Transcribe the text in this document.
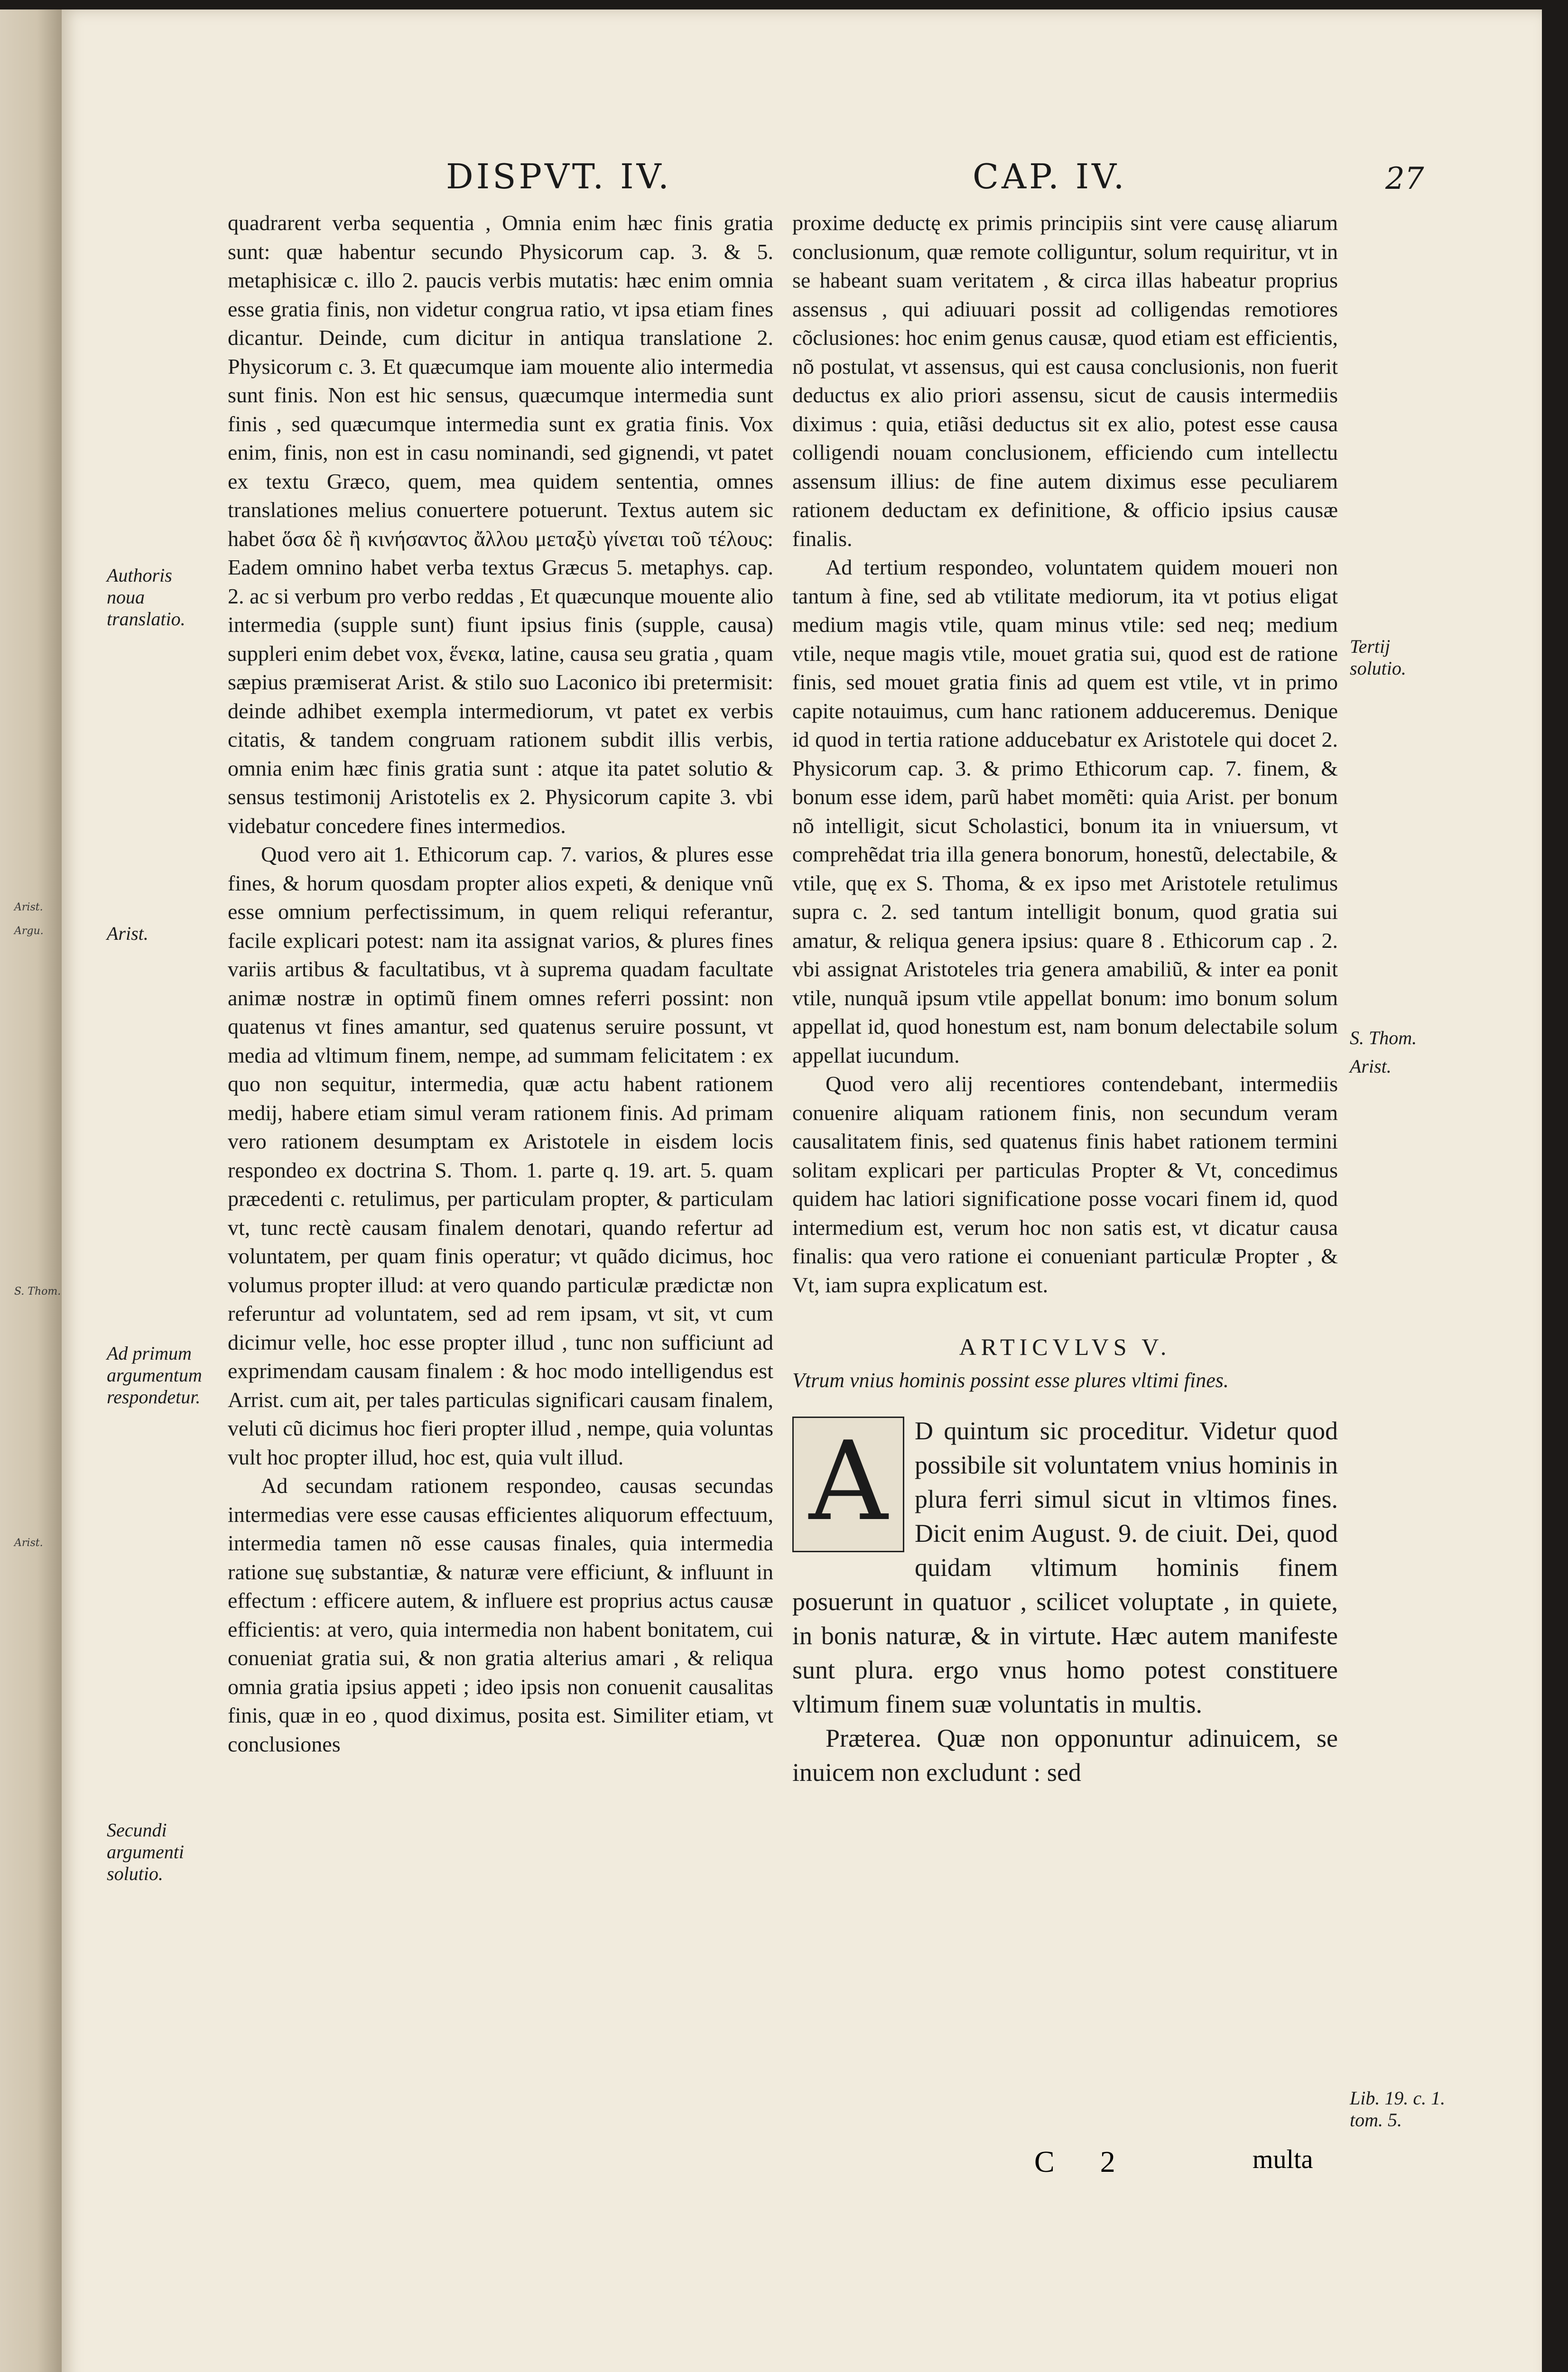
Arist.
Argu.
S. Thom.
Arist.
DISPVT. IV.	CAP. IV.	27

quadrarent verba sequentia , Omnia enim hæc finis gratia sunt: quæ habentur secundo Physicorum cap. 3. & 5. metaphisicæ c. illo 2. paucis verbis mutatis: hæc enim omnia esse gratia finis, non videtur congrua ratio, vt ipsa etiam fines dicantur. Deinde, cum dicitur in antiqua translatione 2. Physicorum c. 3. Et quæcumque iam mouente alio intermedia sunt finis. Non est hic sensus, quæcumque intermedia sunt finis , sed quæcumque intermedia sunt ex gratia finis. Vox enim, finis, non est in casu nominandi, sed gignendi, vt patet ex textu Græco, quem, mea quidem sententia, omnes translationes melius conuertere potuerunt. Textus autem sic habet ὅσα δὲ ἢ κινήσαντος ἄλλου μεταξὺ γίνεται τοῦ τέλους: Eadem omnino habet verba textus Græcus 5. metaphys. cap. 2. ac si verbum pro verbo reddas , Et quæcunque mouente alio intermedia (supple sunt) fiunt ipsius finis (supple, causa) suppleri enim debet vox, ἕνεκα, latine, causa seu gratia , quam sæpius præmiserat Arist. & stilo suo Laconico ibi pretermisit: deinde adhibet exempla intermediorum, vt patet ex verbis citatis, & tandem congruam rationem subdit illis verbis, omnia enim hæc finis gratia sunt : atque ita patet solutio & sensus testimonij Aristotelis ex 2. Physicorum capite 3. vbi videbatur concedere fines intermedios.

Quod vero ait 1. Ethicorum cap. 7. varios, & plures esse fines, & horum quosdam propter alios expeti, & denique vnũ esse omnium perfectissimum, in quem reliqui referantur, facile explicari potest: nam ita assignat varios, & plures fines variis artibus & facultatibus, vt à suprema quadam facultate animæ nostræ in optimũ finem omnes referri possint: non quatenus vt fines amantur, sed quatenus seruire possunt, vt media ad vltimum finem, nempe, ad summam felicitatem : ex quo non sequitur, intermedia, quæ actu habent rationem medij, habere etiam simul veram rationem finis. Ad primam vero rationem desumptam ex Aristotele in eisdem locis respondeo ex doctrina S. Thom. 1. parte q. 19. art. 5. quam præcedenti c. retulimus, per particulam propter, & particulam vt, tunc rectè causam finalem denotari, quando refertur ad voluntatem, per quam finis operatur; vt quãdo dicimus, hoc volumus propter illud: at vero quando particulæ prædictæ non referuntur ad voluntatem, sed ad rem ipsam, vt sit, vt cum dicimur velle, hoc esse propter illud , tunc non sufficiunt ad exprimendam causam finalem : & hoc modo intelligendus est Arrist. cum ait, per tales particulas significari causam finalem, veluti cũ dicimus hoc fieri propter illud , nempe, quia voluntas vult hoc propter illud, hoc est, quia vult illud.

Ad secundam rationem respondeo, causas secundas intermedias vere esse causas efficientes aliquorum effectuum, intermedia tamen nõ esse causas finales, quia intermedia ratione suę substantiæ, & naturæ vere efficiunt, & influunt in effectum : efficere autem, & influere est proprius actus causæ efficientis: at vero, quia intermedia non habent bonitatem, cui conueniat gratia sui, & non gratia alterius amari , & reliqua omnia gratia ipsius appeti ; ideo ipsis non conuenit causalitas finis, quæ in eo , quod diximus, posita est. Similiter etiam, vt conclusiones

proxime deductę ex primis principiis sint vere causę aliarum conclusionum, quæ remote colliguntur, solum requiritur, vt in se habeant suam veritatem , & circa illas habeatur proprius assensus , qui adiuuari possit ad colligendas remotiores cõclusiones: hoc enim genus causæ, quod etiam est efficientis, nõ postulat, vt assensus, qui est causa conclusionis, non fuerit deductus ex alio priori assensu, sicut de causis intermediis diximus : quia, etiãsi deductus sit ex alio, potest esse causa colligendi nouam conclusionem, efficiendo cum intellectu assensum illius: de fine autem diximus esse peculiarem rationem deductam ex definitione, & officio ipsius causæ finalis.

Ad tertium respondeo, voluntatem quidem moueri non tantum à fine, sed ab vtilitate mediorum, ita vt potius eligat medium magis vtile, quam minus vtile: sed neq; medium vtile, neque magis vtile, mouet gratia sui, quod est de ratione finis, sed mouet gratia finis ad quem est vtile, vt in primo capite notauimus, cum hanc rationem adduceremus. Denique id quod in tertia ratione adducebatur ex Aristotele qui docet 2. Physicorum cap. 3. & primo Ethicorum cap. 7. finem, & bonum esse idem, parũ habet momẽti: quia Arist. per bonum nõ intelligit, sicut Scholastici, bonum ita in vniuersum, vt comprehẽdat tria illa genera bonorum, honestũ, delectabile, & vtile, quę ex S. Thoma, & ex ipso met Aristotele retulimus supra c. 2. sed tantum intelligit bonum, quod gratia sui amatur, & reliqua genera ipsius: quare 8 . Ethicorum cap . 2. vbi assignat Aristoteles tria genera amabiliũ, & inter ea ponit vtile, nunquã ipsum vtile appellat bonum: imo bonum solum appellat id, quod honestum est, nam bonum delectabile solum appellat iucundum.

Quod vero alij recentiores contendebant, intermediis conuenire aliquam rationem finis, non secundum veram causalitatem finis, sed quatenus finis habet rationem termini solitam explicari per particulas Propter & Vt, concedimus quidem hac latiori significatione posse vocari finem id, quod intermedium est, verum hoc non satis est, vt dicatur causa finalis: qua vero ratione ei conueniant particulæ Propter , & Vt, iam supra explicatum est.

ARTICVLVS V.
Vtrum vnius hominis possint esse plures vltimi fines.
A	D quintum sic proceditur. Videtur quod possibile sit voluntatem vnius hominis in plura ferri simul sicut in vltimos fines. Dicit enim August. 9. de ciuit. Dei, quod quidam vltimum hominis finem posuerunt in quatuor , scilicet voluptate , in quiete, in bonis naturæ, & in virtute. Hæc autem manifeste sunt plura. ergo vnus homo potest constituere vltimum finem suæ voluntatis in multis.

Præterea. Quæ non opponuntur adinuicem, se inuicem non excludunt : sed

Authoris noua translatio.
Arist.
Ad primum argumentum respondetur.
Secundi argumenti solutio.
Tertij solutio.
S. Thom.
Arist.
Lib. 19. c. 1. tom. 5.
C 2	multa
